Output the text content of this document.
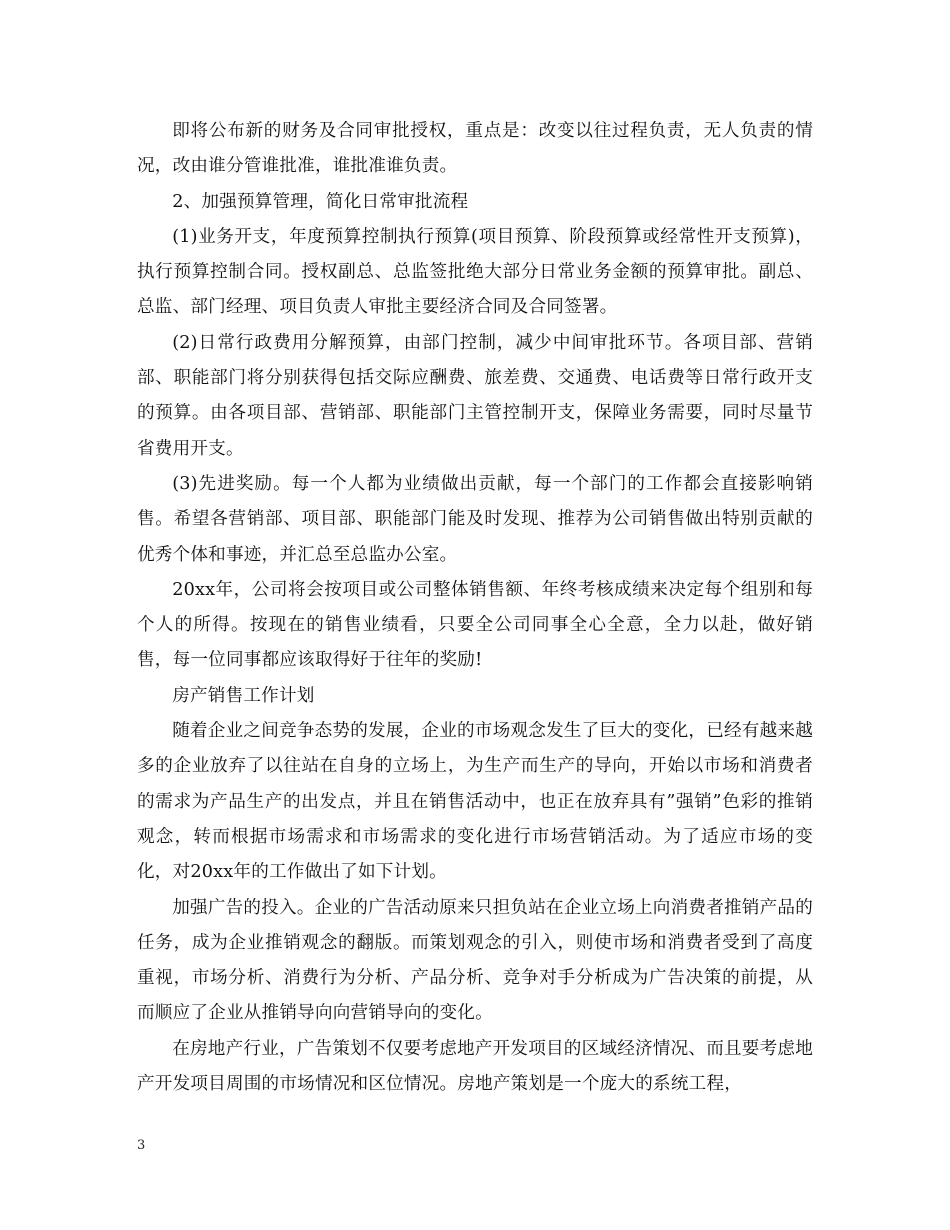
即将公布新的财务及合同审批授权，重点是：改变以往过程负责，无人负责的情况，改由谁分管谁批准，谁批准谁负责。

2、加强预算管理，简化日常审批流程

(1)业务开支，年度预算控制执行预算(项目预算、阶段预算或经常性开支预算)，执行预算控制合同。授权副总、总监签批绝大部分日常业务金额的预算审批。副总、总监、部门经理、项目负责人审批主要经济合同及合同签署。

(2)日常行政费用分解预算，由部门控制，减少中间审批环节。各项目部、营销部、职能部门将分别获得包括交际应酬费、旅差费、交通费、电话费等日常行政开支的预算。由各项目部、营销部、职能部门主管控制开支，保障业务需要，同时尽量节省费用开支。

(3)先进奖励。每一个人都为业绩做出贡献，每一个部门的工作都会直接影响销售。希望各营销部、项目部、职能部门能及时发现、推荐为公司销售做出特别贡献的优秀个体和事迹，并汇总至总监办公室。

20xx年，公司将会按项目或公司整体销售额、年终考核成绩来决定每个组别和每个人的所得。按现在的销售业绩看，只要全公司同事全心全意，全力以赴，做好销售，每一位同事都应该取得好于往年的奖励!

房产销售工作计划

随着企业之间竞争态势的发展，企业的市场观念发生了巨大的变化，已经有越来越多的企业放弃了以往站在自身的立场上，为生产而生产的导向，开始以市场和消费者的需求为产品生产的出发点，并且在销售活动中，也正在放弃具有”强销”色彩的推销观念，转而根据市场需求和市场需求的变化进行市场营销活动。为了适应市场的变化，对20xx年的工作做出了如下计划。

加强广告的投入。企业的广告活动原来只担负站在企业立场上向消费者推销产品的任务，成为企业推销观念的翻版。而策划观念的引入，则使市场和消费者受到了高度重视，市场分析、消费行为分析、产品分析、竞争对手分析成为广告决策的前提，从而顺应了企业从推销导向向营销导向的变化。

在房地产行业，广告策划不仅要考虑地产开发项目的区域经济情况、而且要考虑地产开发项目周围的市场情况和区位情况。房地产策划是一个庞大的系统工程，

3
